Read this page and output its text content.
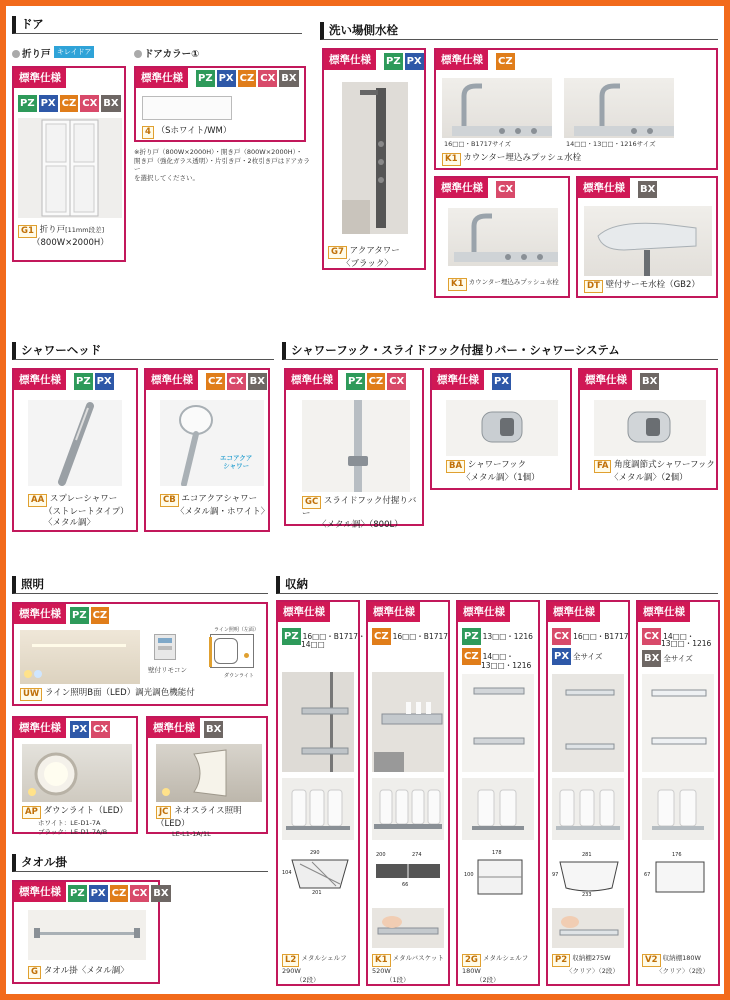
ドア
折り戸 キレイドア	ドアカラー①
標準仕様
PZ PX CZ CX BX
G1 折り戸[11mm段差]
（800W×2000H）
標準仕様	PZ PX CZ CX BX
4 （Sホワイト/WM）
※折り戸（800W×2000H）・開き戸（800W×2000H）・
開き戸（強化ガラス透明）・片引き戸・2枚引き戸はドアカラー
を選択してください。
洗い場側水栓
標準仕様	PZ PX
G7 アクアタワー
〈ブラック〉
標準仕様	CZ
16□□・B1717サイズ	14□□・13□□・1216サイズ
K1 カウンター埋込みプッシュ水栓
標準仕様	CX
K1 カウンター埋込みプッシュ水栓
標準仕様	BX
DT 壁付サーモ水栓（GB2）
シャワーヘッド
標準仕様	PZ PX
AA スプレーシャワー
（ストレートタイプ）
〈メタル調〉
標準仕様	CZ CX BX
エコアクア
シャワー
CB エコアクアシャワー
〈メタル調・ホワイト〉
シャワーフック・スライドフック付握りバー・シャワーシステム
標準仕様	PZ CZ CX
GC スライドフック付握りバー
〈メタル調〉（800L）
標準仕様	PX
BA シャワーフック
〈メタル調〉（1個）
標準仕様	BX
FA 角度調節式シャワーフック
〈メタル調〉（2個）
照明
標準仕様	PZ CZ
壁付リモコン
ライン照明（左面）
ダウンライト
UW ライン照明B面（LED）調光調色機能付
標準仕様	PX CX
AP ダウンライト（LED）
ホワイト：LE-D1-7A
ブラック：LE-D1-7A/B
標準仕様	BX
JC ネオスライス照明（LED）
LE-L1-1A/1L
タオル掛
標準仕様 PZ PX CZ CX BX
G タオル掛〈メタル調〉
収納
標準仕様
PZ 16□□・B1717・
14□□
290
201
104
L2 メタルシェルフ290W
（2段）
標準仕様
CZ 16□□・B1717
200	274
66
K1 メタルバスケット520W
（1段）
標準仕様
PZ 13□□・1216
CZ 14□□・
13□□・1216
178
100
2G メタルシェルフ180W
（2段）
標準仕様
CX 16□□・B1717
PX 全サイズ
281
233
97
P2 収納棚275W
〈クリア〉（2段）
標準仕様
CX 14□□・
13□□・1216
BX 全サイズ
176
67
V2 収納棚180W
〈クリア〉（2段）
